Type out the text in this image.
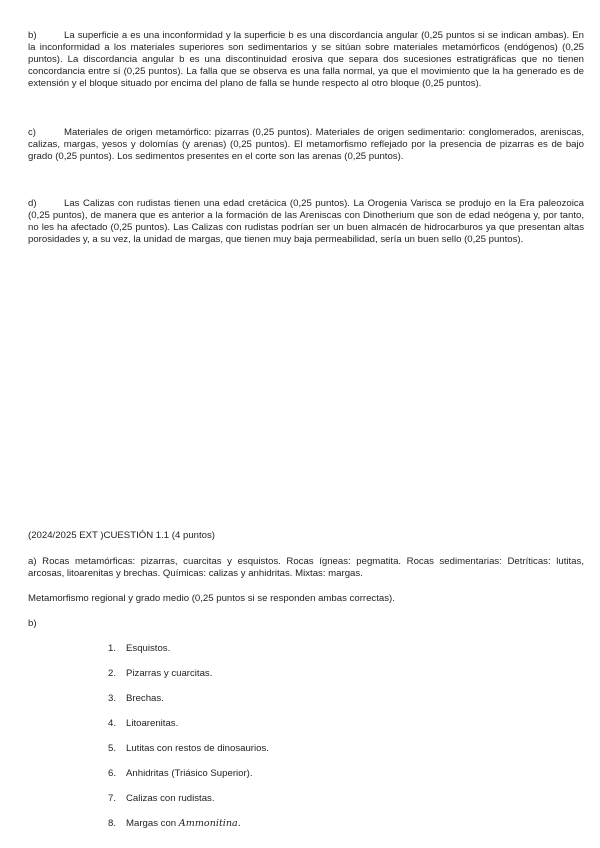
b)	La superficie a es una inconformidad y la superficie b es una discordancia angular (0,25 puntos si se indican ambas). En la inconformidad a los materiales superiores son sedimentarios y se sitúan sobre materiales metamórficos (endógenos) (0,25 puntos). La discordancia angular b es una discontinuidad erosiva que separa dos sucesiones estratigráficas que no tienen concordancia entre sí (0,25 puntos). La falla que se observa es una falla normal, ya que el movimiento que la ha generado es de extensión y el bloque situado por encima del plano de falla se hunde respecto al otro bloque (0,25 puntos).

c)	Materiales de origen metamórfico: pizarras (0,25 puntos). Materiales de origen sedimentario: conglomerados, areniscas, calizas, margas, yesos y dolomías (y arenas) (0,25 puntos). El metamorfismo reflejado por la presencia de pizarras es de bajo grado (0,25 puntos). Los sedimentos presentes en el corte son las arenas (0,25 puntos).

d)	Las Calizas con rudistas tienen una edad cretácica (0,25 puntos). La Orogenia Varisca se produjo en la Era paleozoica (0,25 puntos), de manera que es anterior a la formación de las Areniscas con Dinotherium que son de edad neógena y, por tanto, no les ha afectado (0,25 puntos). Las Calizas con rudistas podrían ser un buen almacén de hidrocarburos ya que presentan altas porosidades y, a su vez, la unidad de margas, que tienen muy baja permeabilidad, sería un buen sello (0,25 puntos).

(2024/2025 EXT )CUESTIÓN 1.1 (4 puntos)

a) Rocas metamórficas: pizarras, cuarcitas y esquistos. Rocas ígneas: pegmatita. Rocas sedimentarias: Detríticas: lutitas, arcosas, litoarenitas y brechas. Químicas: calizas y anhidritas. Mixtas: margas.

Metamorfismo regional y grado medio (0,25 puntos si se responden ambas correctas).

b)

1. Esquistos.
2. Pizarras y cuarcitas.
3. Brechas.
4. Litoarenitas.
5. Lutitas con restos de dinosaurios.
6. Anhidritas (Triásico Superior).
7. Calizas con rudistas.
8. Margas con Ammonitina.
